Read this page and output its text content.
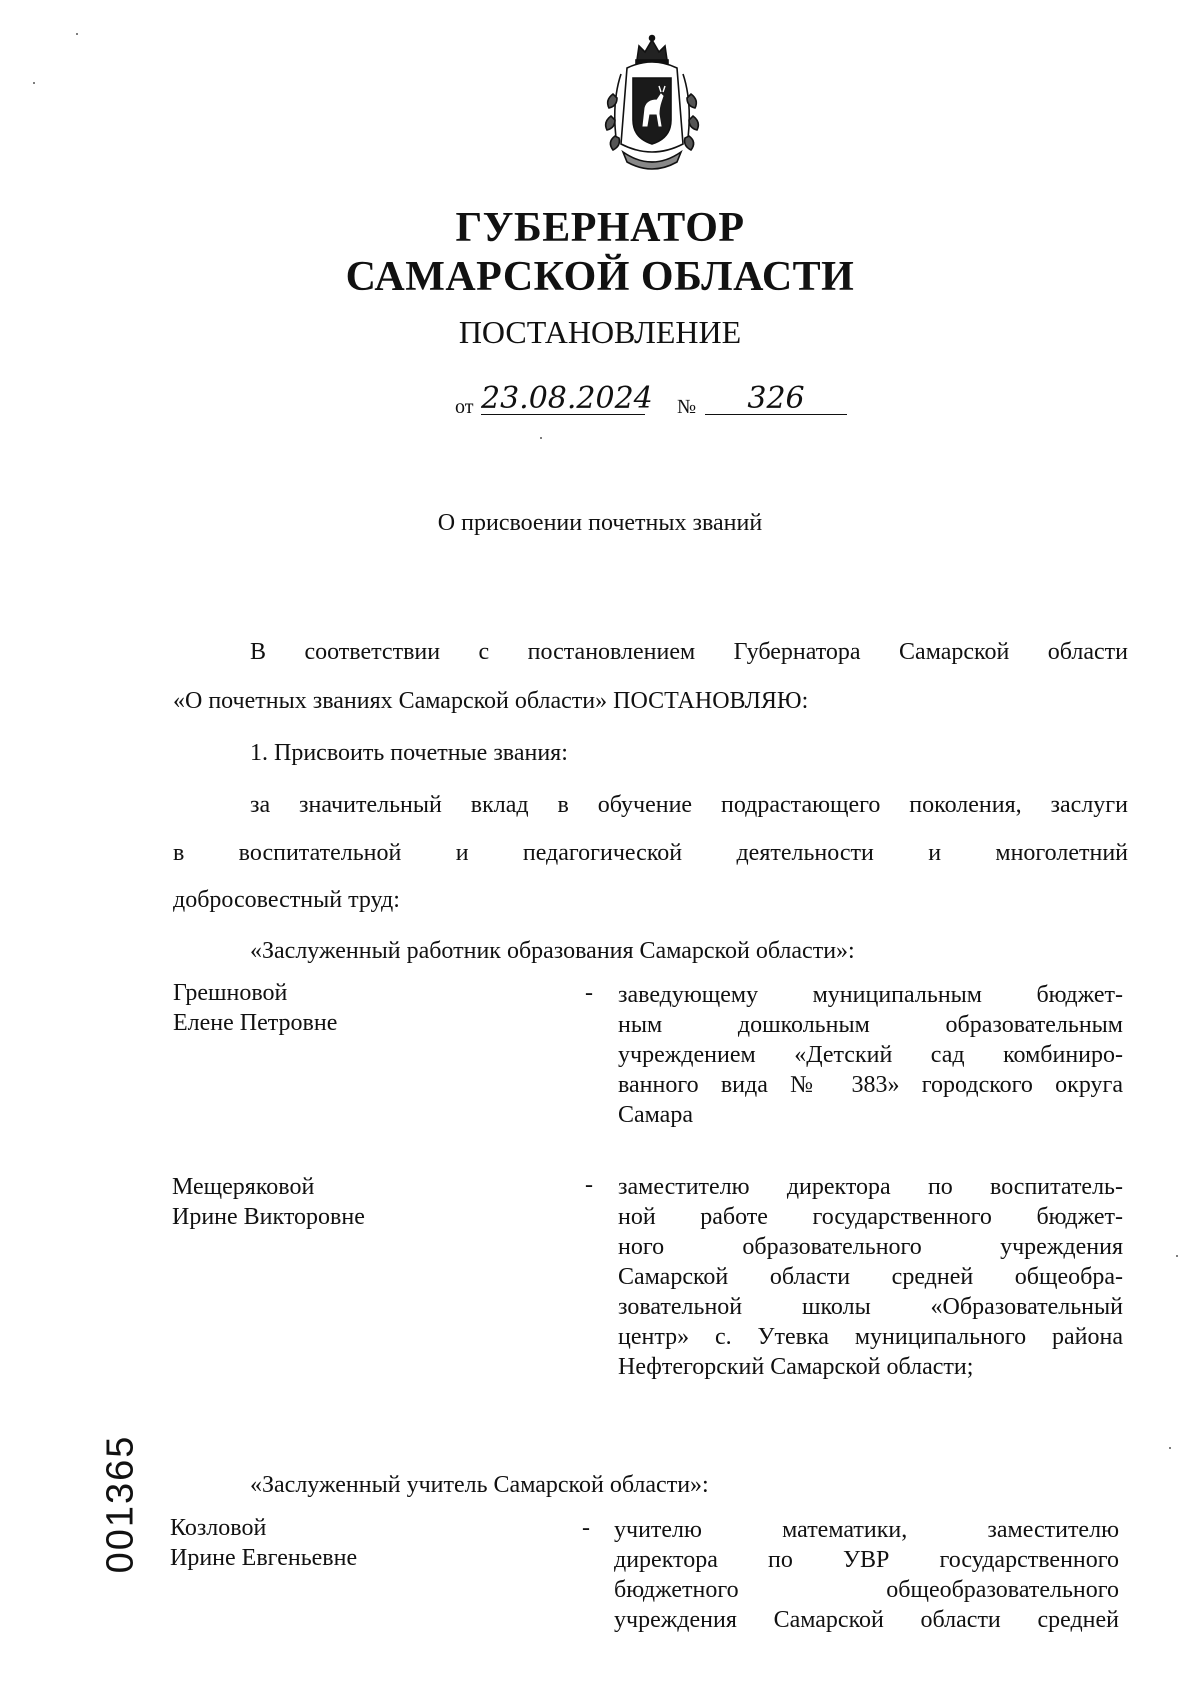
ГУБЕРНАТОР
САМАРСКОЙ ОБЛАСТИ
ПОСТАНОВЛЕНИЕ
от 23.08.2024 №	326
О присвоении почетных званий
В соответствии с постановлением Губернатора Самарской области
«О почетных званиях Самарской области» ПОСТАНОВЛЯЮ:
1. Присвоить почетные звания:
за значительный вклад в обучение подрастающего поколения, заслуги
в воспитательной и педагогической деятельности и многолетний
добросовестный труд:
«Заслуженный работник образования Самарской области»:
Грешновой
Елене Петровне
- заведующему муниципальным бюджет-
ным дошкольным образовательным
учреждением «Детский сад комбиниро-
ванного вида № 383» городского округа
Самара
Мещеряковой
Ирине Викторовне
- заместителю директора по воспитатель-
ной работе государственного бюджет-
ного образовательного учреждения
Самарской области средней общеобра-
зовательной школы «Образовательный
центр» с. Утевка муниципального района
Нефтегорский Самарской области;
«Заслуженный учитель Самарской области»:
Козловой
Ирине Евгеньевне
- учителю математики, заместителю
директора по УВР государственного
бюджетного общеобразовательного
учреждения Самарской области средней
001365
